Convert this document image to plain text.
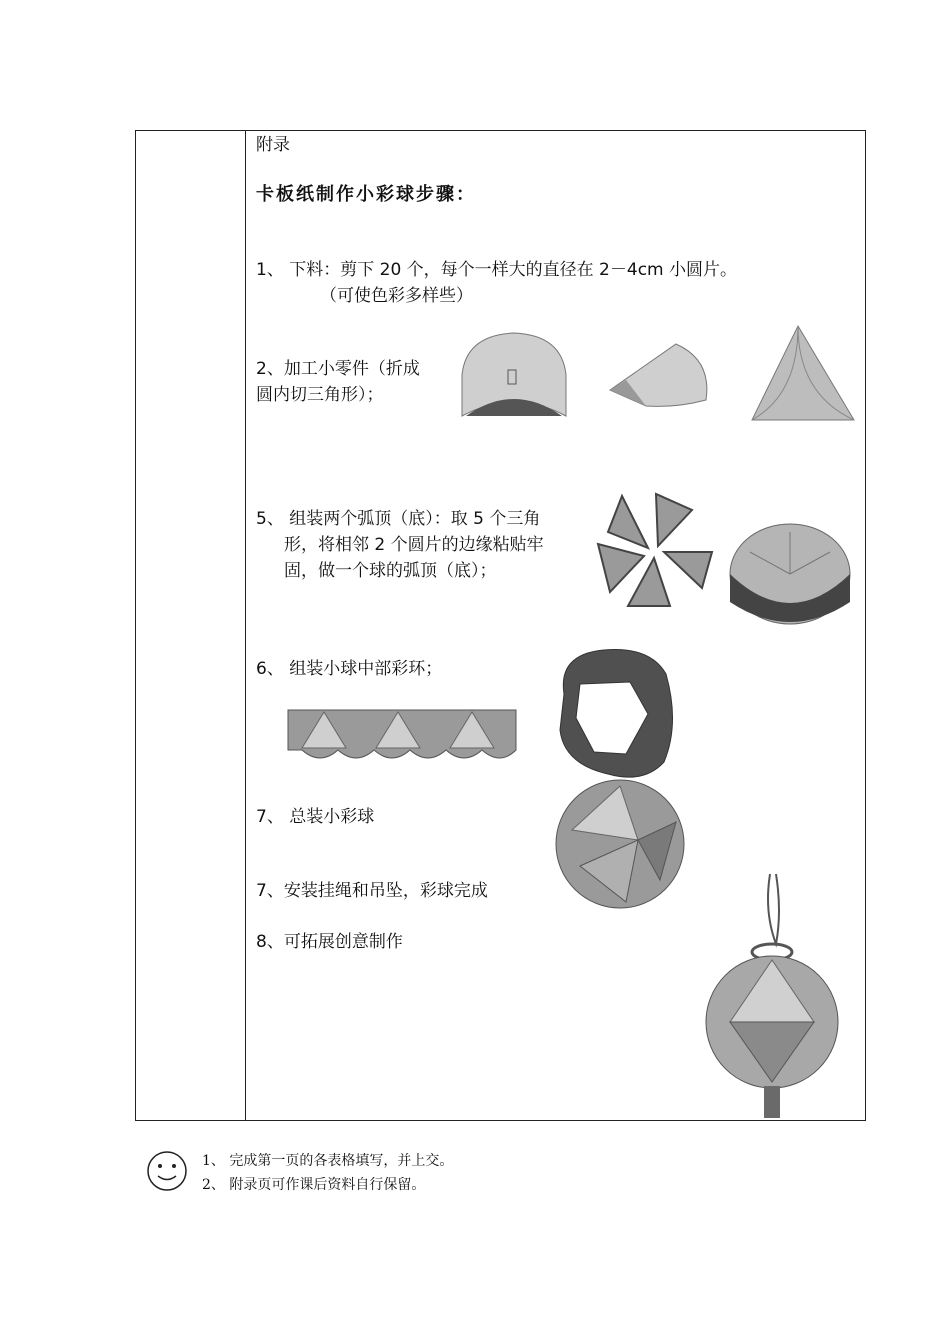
附录
卡板纸制作小彩球步骤：
1、 下料：剪下 20 个，每个一样大的直径在 2－4cm 小圆片。
（可使色彩多样些）
2、加工小零件（折成
圆内切三角形）；
5、 组装两个弧顶（底）：取 5 个三角
形，将相邻 2 个圆片的边缘粘贴牢
固，做一个球的弧顶（底）；
6、 组装小球中部彩环；
7、 总装小彩球
7、安装挂绳和吊坠，彩球完成
8、可拓展创意制作
1、 完成第一页的各表格填写，并上交。
2、 附录页可作课后资料自行保留。
